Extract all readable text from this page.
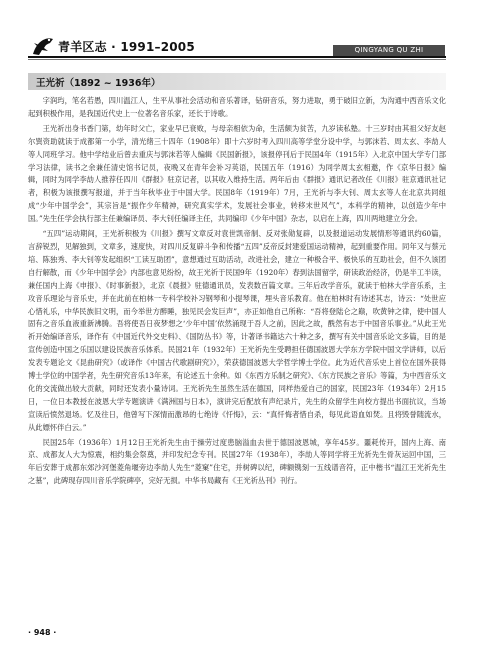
青羊区志 · 1991–2005	QINGYANG QU ZHI
王光祈（1892 ~ 1936年）

字润玙，笔名若愚，四川温江人，生平从事社会活动和音乐著译，钻研音乐，努力进取，勇于破旧立新，为沟通中西音乐文化起到积极作用，是我国近代史上一位著名音乐家，还长于诗歌。

王光祈出身书香门第，幼年时父亡，家业早已衰败，与母亲相依为命，生活颇为贫苦，九岁读私塾。十三岁时由其祖父好友赵尔巽资助就读于成都第一小学，清光绪三十四年（1908年）即十六岁时考入四川高等学堂分设中学，与郭沫若、周太玄、李劼人等人同班学习。他中学结业后曾去重庆与郭沫若等人编辑《民国新报》，该报停刊后于民国4年（1915年）入北京中国大学专门部学习法律，读书之余兼任清史馆书记员，夜晚又在青年会补习英语，民国五年（1916）为同学周太玄相邀，作《京华日报》编辑，同时为同学李劼人推荐任四川《群报》驻京记者，以其收入维持生活。两年后由《群报》通讯记者改任《川报》驻京通讯社记者，积极为该报撰写报道，并于当年秋毕业于中国大学。民国8年（1919年）7月，王光祈与李大钊、周太玄等人在北京共同组成“少年中国学会”，其宗旨是“振作少年精神，研究真实学术，发展社会事业，转移末世风气”，本科学的精神，以创造少年中国。”先生任学会执行部主任兼编译员、李大钊任编译主任，共同编印《少年中国》杂志，以启在上海，四川两地建立分会。

“五四”运动期间，王光祈积极为《川报》撰写文章反对袁世凯帝制、反对张勋复辟，以及报道运动发展情形等通讯约60篇，言辞锐烈，见解独到，文章多，速度快，对四川反复辟斗争和传播“五四”反帝反封建爱国运动精神，起到重要作用。同年又与蔡元培、陈独秀、李大钊等发起组织“工读互助团”，意想通过互助活动，改进社会，建立一种极合平、极快乐的互助社会，但不久该团自行解散，而《少年中国学会》内部也意见纷纷，故王光祈于民国9年（1920年）春到法国留学，研读政治经济，仍是半工半读，兼任国内上海《申报》、《时事新报》，北京《晨报》驻德通讯员，发表数百篇文章。三年后改学音乐，就读于柏林大学音乐系，主攻音乐理论与音乐史，并在此前在柏林一专科学校补习钢琴和小提琴课，埋头音乐教育。他在柏林时有诗述其志，诗云：“处世应心惜礼乐，中华民族旧文明，而今举世方醉睡，独见民会发巨声”，亦正如他自己所称：“吾将登陆仑之巅，吹黄钟之律，使中国人固有之音乐血液重新沸腾。吾将使吾日夜梦想之‘少年中国’依然涌现于吾人之前，因此之故，酰然有志于中国音乐事业。”从此王光祈开始编译音乐，译作有《中国近代外交史料》、《国防丛书》等，计著译书籍达六十种之多，撰写有关中国音乐论文多篇，目的是宣传创造中国之乐国以建设民族音乐体系。民国21年（1932年）王光祈先生受聘担任德国波恩大学东方学院中国文学讲师，以后发表专题论文《昆曲研究》（或译作《中国古代歌剧研究》），荣获德国波恩大学哲学博士学位。此为近代音乐史上首位在国外获得博士学位的中国学者，先生研究音乐13年来，有论述五十余种。如《东西方乐制之研究》、《东方民族之音乐》等篇，为中西音乐文化的交流做出较大贡献，同时还发表小量诗词。王光祈先生虽然生活在德国，同样热爱自己的国家，民国23年（1934年）2月15日，一位日本教授在波恩大学专题演讲《满洲国与日本》，演讲完后配放有声纪录片，先生的众留学生向校方提出书面抗议，当场宣读后愤然退场。忆及往日，他曾写下深情而激昂的七绝诗《忏悔》，云：“真忏悔者惜自杀，每见此语血如焚。且将毁誉随流水，从此嫖怀伴白云。”

民国25年（1936年）1月12日王光祈先生由于操劳过度患脑溢血去世于德国波恩城，享年45岁。噩耗传开，国内上海、南京、成都友人大为惊震，相约集会祭奠，并印发纪念专刊。民国27年（1938年），李劼人等同学将王光祈先生骨灰运回中国，三年后安葬于成都东郊沙河堡菱角堰旁边李劼人先生“菱窠”住宅，并树碑以纪，碑额镌刻一五线谱音符，正中楷书“温江王光祈先生之墓”，此碑现存四川音乐学院碑亭，完好无损。中华书局藏有《王光祈丛刊》刊行。

· 948 ·
